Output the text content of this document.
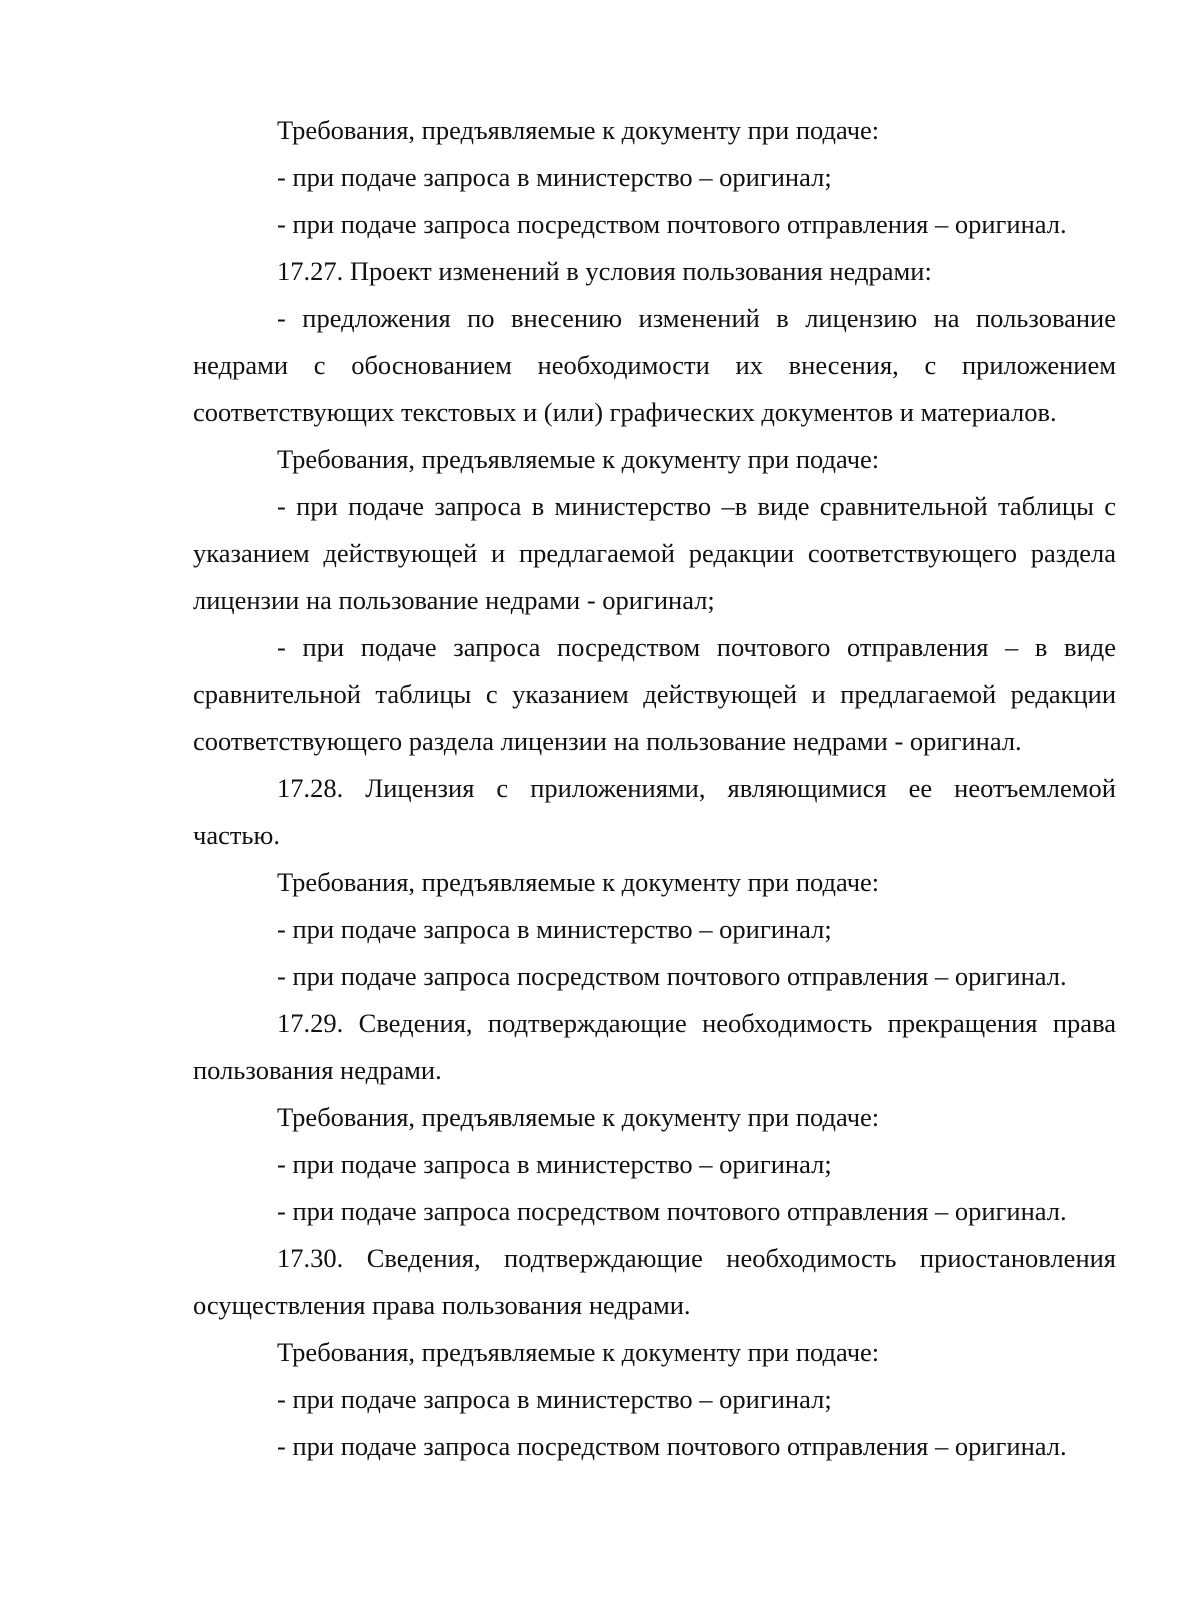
Требования, предъявляемые к документу при подаче:

- при подаче запроса в министерство – оригинал;

- при подаче запроса посредством почтового отправления – оригинал.

17.27. Проект изменений в условия пользования недрами:

- предложения по внесению изменений в лицензию на пользование недрами с обоснованием необходимости их внесения, с приложением соответствующих текстовых и (или) графических документов и материалов.

Требования, предъявляемые к документу при подаче:

- при подаче запроса в министерство –в виде сравнительной таблицы с указанием действующей и предлагаемой редакции соответствующего раздела лицензии на пользование недрами - оригинал;

- при подаче запроса посредством почтового отправления – в виде сравнительной таблицы с указанием действующей и предлагаемой редакции соответствующего раздела лицензии на пользование недрами - оригинал.

17.28. Лицензия с приложениями, являющимися ее неотъемлемой частью.

Требования, предъявляемые к документу при подаче:

- при подаче запроса в министерство – оригинал;

- при подаче запроса посредством почтового отправления – оригинал.

17.29. Сведения, подтверждающие необходимость прекращения права пользования недрами.

Требования, предъявляемые к документу при подаче:

- при подаче запроса в министерство – оригинал;

- при подаче запроса посредством почтового отправления – оригинал.

17.30. Сведения, подтверждающие необходимость приостановления осуществления права пользования недрами.

Требования, предъявляемые к документу при подаче:

- при подаче запроса в министерство – оригинал;

- при подаче запроса посредством почтового отправления – оригинал.
